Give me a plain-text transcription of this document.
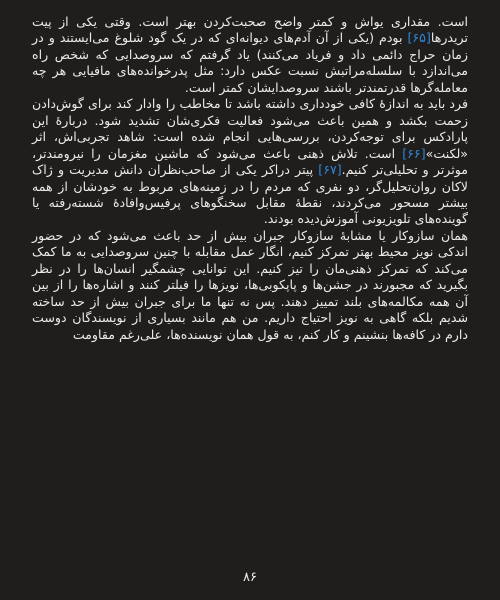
است. مقداری یواش و کمتر واضح صحبت‌کردن بهتر است. وقتی یکی از پیت تریدرها[۶۵] بودم (یکی از آن آدم‌های دیوانه‌ای که در یک گود شلوغ می‌ایستند و در زمان حراج دائمی داد و فریاد می‌کنند) یاد گرفتم که سروصدایی که شخص راه می‌اندازد با سلسله‌مراتبش نسبت عکس دارد: مثل پدرخوانده‌های مافیایی هر چه معامله‌گرها قدرتمندتر باشند سروصدایشان کمتر است.
فرد باید به اندازهٔ کافی خودداری داشته باشد تا مخاطب را وادار کند برای گوش‌دادن زحمت بکشد و همین باعث می‌شود فعالیت فکری‌شان تشدید شود. دربارهٔ این پارادکس برای توجه‌کردن، بررسی‌هایی انجام شده است: شاهد تجربی‌اش، اثر «لکنت»[۶۶] است. تلاش ذهنی باعث می‌شود که ماشین مغزمان را نیرومندتر، موثرتر و تحلیلی‌تر کنیم.[۶۷] پیتر دراکر یکی از صاحب‌نظران دانش مدیریت و ژاک لاکان روان‌تحلیل‌گر، دو نفری که مردم را در زمینه‌های مربوط به خودشان از همه بیشتر مسحور می‌کردند، نقطهٔ مقابل سخنگوهای پرفیس‌وافادهٔ شسته‌رفته یا گوینده‌های تلویزیونی آموزش‌دیده بودند.
همان سازوکار یا مشابهٔ سازوکار جبران بیش از حد باعث می‌شود که در حضور اندکی نویز محیط بهتر تمرکز کنیم، انگار عمل مقابله با چنین سروصدایی به ما کمک می‌کند که تمرکز ذهنی‌مان را تیز کنیم. این توانایی چشمگیر انسان‌ها را در نظر بگیرید که مجبورند در جشن‌ها و پاپکوبی‌ها، نویزها را فیلتر کنند و اشاره‌ها را از بین آن همه مکالمه‌های بلند تمییز دهند. پس نه تنها ما برای جبران بیش از حد ساخته شدیم بلکه گاهی به نویز احتیاج داریم. من هم مانند بسیاری از نویسندگان دوست دارم در کافه‌ها بنشینم و کار کنم، به قول همان نویسنده‌ها، علی‌رغم مقاومت

۸۶
